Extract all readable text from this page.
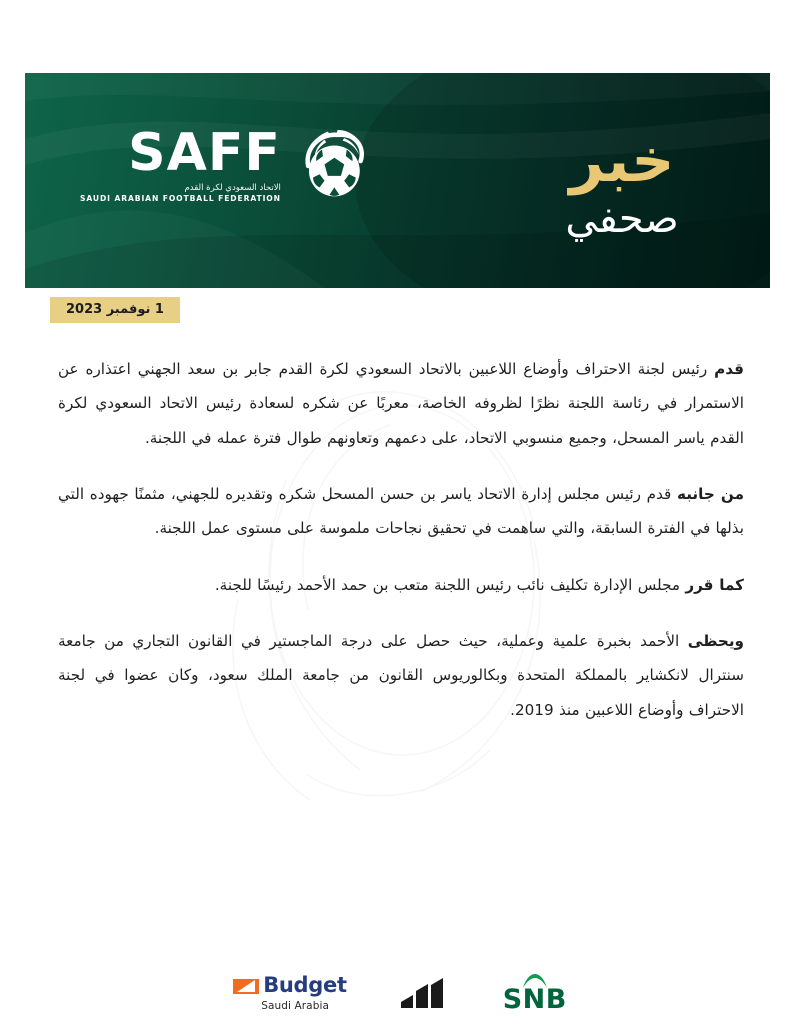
SAFF
الاتحاد السعودي لكرة القدم
SAUDI ARABIAN FOOTBALL FEDERATION
خبر
صحفي
1 نوفمبر 2023

قدم رئيس لجنة الاحتراف وأوضاع اللاعبين بالاتحاد السعودي لكرة القدم جابر بن سعد الجهني اعتذاره عن الاستمرار في رئاسة اللجنة نظرًا لظروفه الخاصة، معربًا عن شكره لسعادة رئيس الاتحاد السعودي لكرة القدم ياسر المسحل، وجميع منسوبي الاتحاد، على دعمهم وتعاونهم طوال فترة عمله في اللجنة.

من جانبه قدم رئيس مجلس إدارة الاتحاد ياسر بن حسن المسحل شكره وتقديره للجهني، مثمنًا جهوده التي بذلها في الفترة السابقة، والتي ساهمت في تحقيق نجاحات ملموسة على مستوى عمل اللجنة.

كما قرر مجلس الإدارة تكليف نائب رئيس اللجنة متعب بن حمد الأحمد رئيسًا للجنة.

ويحظى الأحمد بخبرة علمية وعملية، حيث حصل على درجة الماجستير في القانون التجاري من جامعة سنترال لانكشاير بالمملكة المتحدة وبكالوريوس القانون من جامعة الملك سعود، وكان عضوا في لجنة الاحتراف وأوضاع اللاعبين منذ 2019.

SNB
Budget
Saudi Arabia
